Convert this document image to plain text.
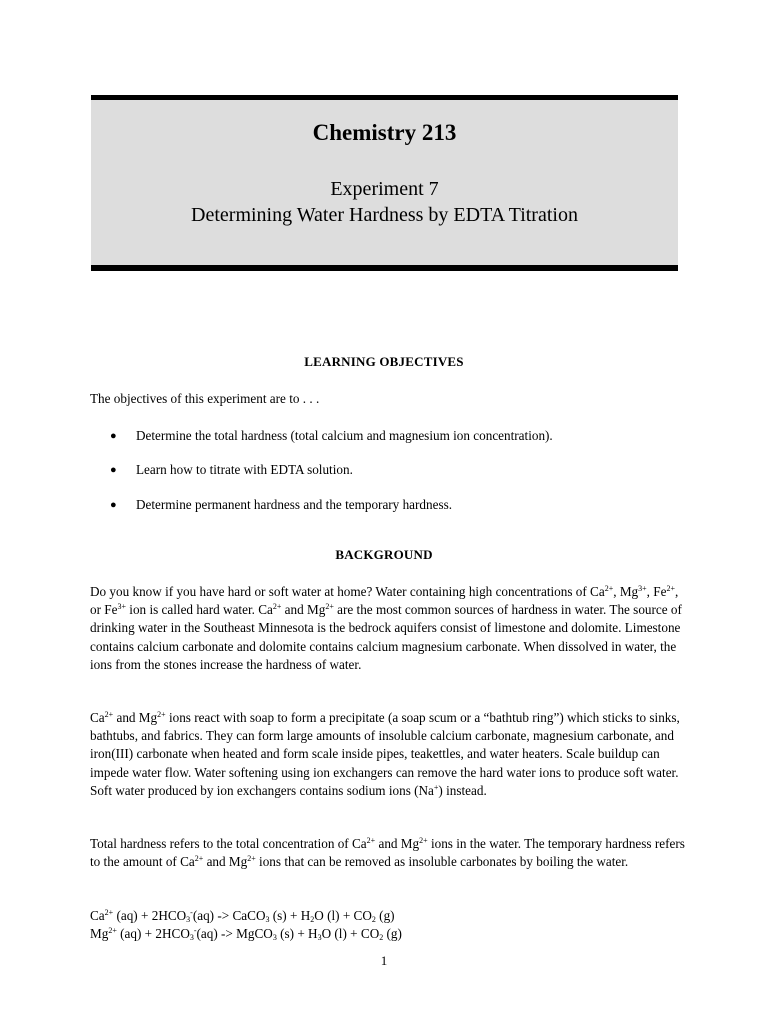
Chemistry 213
Experiment 7
Determining Water Hardness by EDTA Titration
LEARNING OBJECTIVES
The objectives of this experiment are to . . .
● Determine the total hardness (total calcium and magnesium ion concentration).
● Learn how to titrate with EDTA solution.
● Determine permanent hardness and the temporary hardness.
BACKGROUND
Do you know if you have hard or soft water at home? Water containing high concentrations of $Ca^{2+}$, $Mg^{3+}$, $Fe^{2+}$, or $Fe^{3+}$ ion is called hard water. $Ca^{2+}$ and $Mg^{2+}$ are the most common sources of hardness in water. The source of drinking water in the Southeast Minnesota is the bedrock aquifers consist of limestone and dolomite. Limestone contains calcium carbonate and dolomite contains calcium magnesium carbonate. When dissolved in water, the ions from the stones increase the hardness of water.
$Ca^{2+}$ and $Mg^{2+}$ ions react with soap to form a precipitate (a soap scum or a “bathtub ring”) which sticks to sinks, bathtubs, and fabrics. They can form large amounts of insoluble calcium carbonate, magnesium carbonate, and iron(III) carbonate when heated and form scale inside pipes, teakettles, and water heaters. Scale buildup can impede water flow. Water softening using ion exchangers can remove the hard water ions to produce soft water. Soft water produced by ion exchangers contains sodium ions (Na+) instead.
Total hardness refers to the total concentration of $Ca^{2+}$ and $Mg^{2+}$ ions in the water. The temporary hardness refers to the amount of $Ca^{2+}$ and $Mg^{2+}$ ions that can be removed as insoluble carbonates by boiling the water.
$Ca^{2+}$ $(aq) + 2HCO_3^-(aq)$ -> CaCO$_3$ $(s) + H_2O$ $(l) + CO_2$ (g)
$Mg^{2+}$ $(aq) + 2HCO_3^-(aq)$ -> MgCO$_3$ $(s) + H_3O$ $(l) + CO_2$ (g)
1
